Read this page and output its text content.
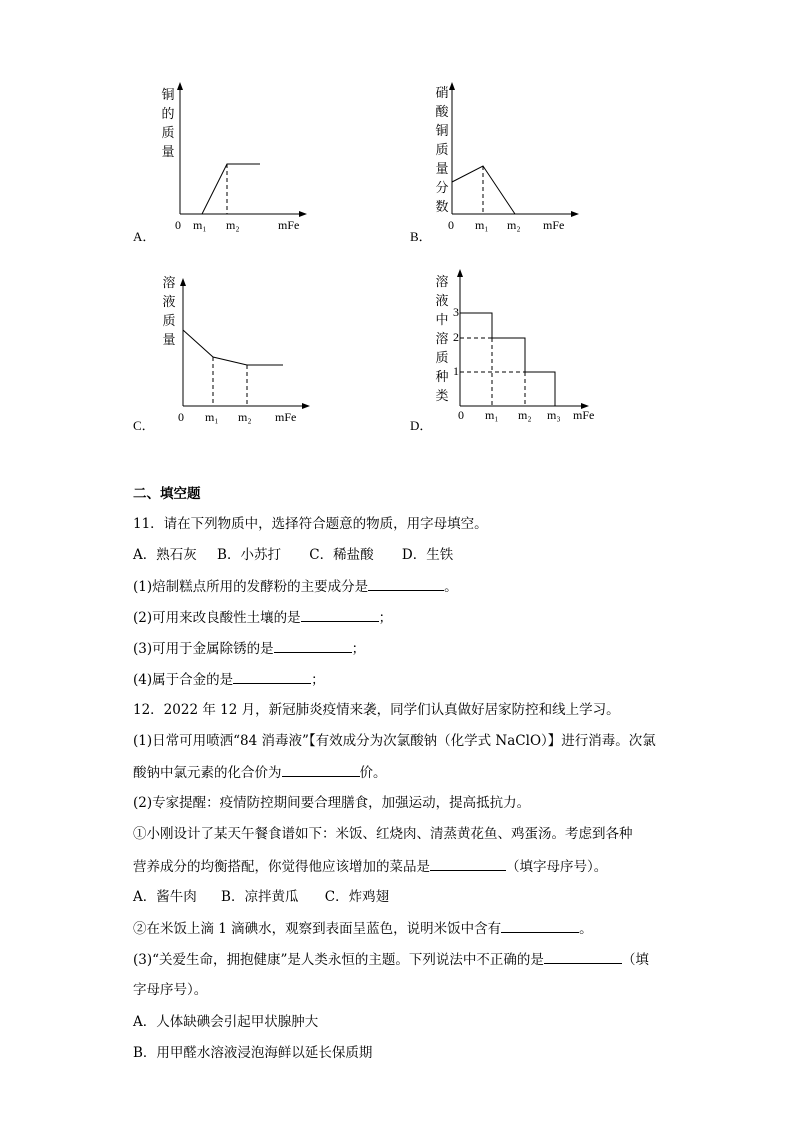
铜
的
质
量
0 m₁ m₂	mFe
A．
硝
酸
铜
质
量
分
数
0 m₁ m₂ mFe
B．
溶
液
质
量
0 m₁ m₂ mFe
C．
溶
液
中
溶
质
种
类
3
2
1
0 m₁ m₂ m₃ mFe
D．
二、填空题
11．请在下列物质中，选择符合题意的物质，用字母填空。
A．熟石灰 B．小苏打 C．稀盐酸 D．生铁
(1)焙制糕点所用的发酵粉的主要成分是	。
(2)可用来改良酸性土壤的是	；
(3)可用于金属除锈的是	；
(4)属于合金的是	；
12．2022 年 12 月，新冠肺炎疫情来袭，同学们认真做好居家防控和线上学习。
(1)日常可用喷洒“84 消毒液”【有效成分为次氯酸钠（化学式 NaClO）】进行消毒。次氯
酸钠中氯元素的化合价为	价。
(2)专家提醒：疫情防控期间要合理膳食，加强运动，提高抵抗力。
①小刚设计了某天午餐食谱如下：米饭、红烧肉、清蒸黄花鱼、鸡蛋汤。考虑到各种
营养成分的均衡搭配，你觉得他应该增加的菜品是	（填字母序号）。
A．酱牛肉 B．凉拌黄瓜 C．炸鸡翅
②在米饭上滴 1 滴碘水，观察到表面呈蓝色，说明米饭中含有	。
(3)“关爱生命，拥抱健康”是人类永恒的主题。下列说法中不正确的是	（填
字母序号）。
A．人体缺碘会引起甲状腺肿大
B．用甲醛水溶液浸泡海鲜以延长保质期
